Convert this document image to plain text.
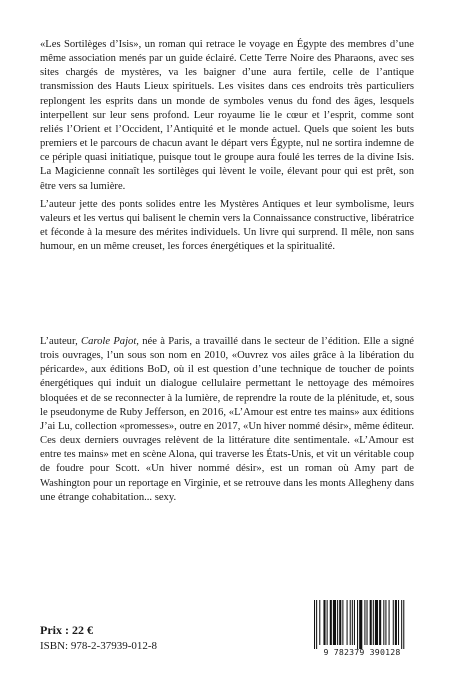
«Les Sortilèges d’Isis», un roman qui retrace le voyage en Égypte des membres d’une même association menés par un guide éclairé. Cette Terre Noire des Pharaons, avec ses sites chargés de mystères, va les baigner d’une aura fertile, celle de l’antique transmission des Hauts Lieux spirituels. Les visites dans ces endroits très particuliers replongent les esprits dans un monde de symboles venus du fond des âges, lesquels interpellent sur leur sens profond. Leur royaume lie le cœur et l’esprit, comme sont reliés l’Orient et l’Occident, l’Antiquité et le monde actuel. Quels que soient les buts premiers et le parcours de chacun avant le départ vers Égypte, nul ne sortira indemne de ce périple quasi initiatique, puisque tout le groupe aura foulé les terres de la divine Isis. La Magicienne connaît les sortilèges qui lèvent le voile, élevant pour qui est prêt, son être vers sa lumière.

L’auteur jette des ponts solides entre les Mystères Antiques et leur symbolisme, leurs valeurs et les vertus qui balisent le chemin vers la Connaissance constructive, libératrice et féconde à la mesure des mérites individuels. Un livre qui surprend. Il mêle, non sans humour, en un même creuset, les forces énergétiques et la spiritualité.

L’auteur, Carole Pajot, née à Paris, a travaillé dans le secteur de l’édition. Elle a signé trois ouvrages, l’un sous son nom en 2010, «Ouvrez vos ailes grâce à la libération du péricarde», aux éditions BoD, où il est question d’une technique de toucher de points énergétiques qui induit un dialogue cellulaire permettant le nettoyage des mémoires bloquées et de se reconnecter à la lumière, de reprendre la route de la plénitude, et, sous le pseudonyme de Ruby Jefferson, en 2016, «L’Amour est entre tes mains» aux éditions J’ai Lu, collection «promesses», outre en 2017, «Un hiver nommé désir», même éditeur. Ces deux derniers ouvrages relèvent de la littérature dite sentimentale. «L’Amour est entre tes mains» met en scène Alona, qui traverse les États-Unis, et vit un véritable coup de foudre pour Scott. «Un hiver nommé désir», est un roman où Amy part de Washington pour un reportage en Virginie, et se retrouve dans les monts Allegheny dans une étrange cohabitation... sexy.

Prix : 22 €
ISBN: 978-2-37939-012-8	9 782379 390128
